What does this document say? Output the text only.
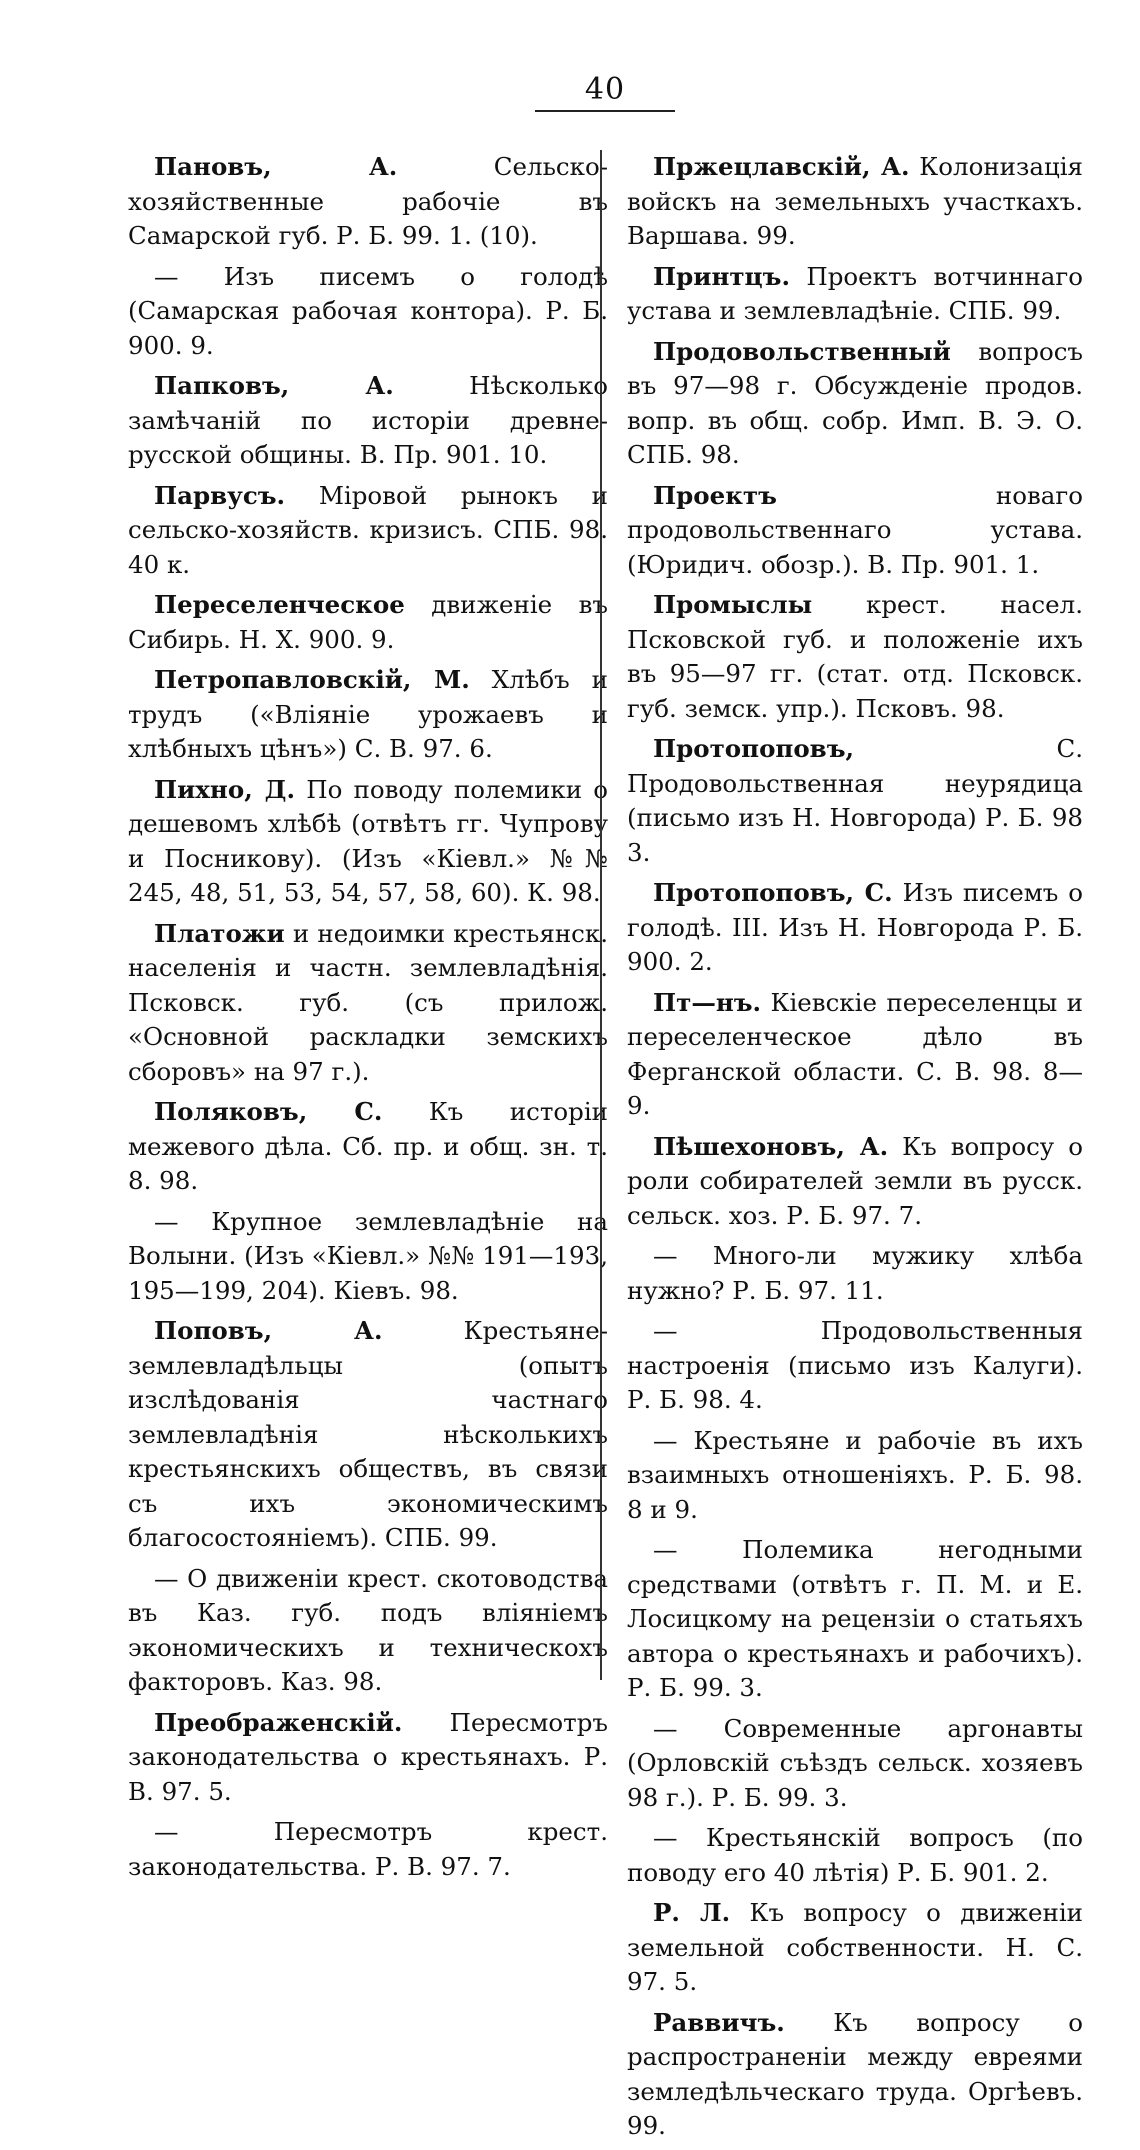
40

Пановъ, А. Сельско-хозяйственные рабочіе въ Самарской губ. Р. Б. 99. 1. (10).

— Изъ писемъ о голодѣ (Самарская рабочая контора). Р. Б. 900. 9.

Папковъ, А. Нѣсколько замѣчаній по исторіи древне-русской общины. В. Пр. 901. 10.

Парвусъ. Міровой рынокъ и сельско-хозяйств. кризисъ. СПБ. 98. 40 к.

Переселенческое движеніе въ Сибирь. Н. Х. 900. 9.

Петропавловскій, М. Хлѣбъ и трудъ («Вліяніе урожаевъ и хлѣбныхъ цѣнъ») С. В. 97. 6.

Пихно, Д. По поводу полемики о дешевомъ хлѣбѣ (отвѣтъ гг. Чупрову и Посникову). (Изъ «Кіевл.» №№ 245, 48, 51, 53, 54, 57, 58, 60). К. 98.

Платожи и недоимки крестьянск. населенія и частн. землевладѣнія. Псковск. губ. (съ прилож. «Основной раскладки земскихъ сборовъ» на 97 г.).

Поляковъ, С. Къ исторіи межевого дѣла. Сб. пр. и общ. зн. т. 8. 98.

— Крупное землевладѣніе на Волыни. (Изъ «Кіевл.» №№ 191—193, 195—199, 204). Кіевъ. 98.

Поповъ, А. Крестьяне-землевладѣльцы (опытъ изслѣдованія частнаго землевладѣнія нѣсколькихъ крестьянскихъ обществъ, въ связи съ ихъ экономическимъ благосостояніемъ). СПБ. 99.

— О движеніи крест. скотоводства въ Каз. губ. подъ вліяніемъ экономическихъ и техническохъ факторовъ. Каз. 98.

Преображенскій. Пересмотръ законодательства о крестьянахъ. Р. В. 97. 5.

— Пересмотръ крест. законодательства. Р. В. 97. 7.

Пржецлавскій, А. Колонизація войскъ на земельныхъ участкахъ. Варшава. 99.

Принтцъ. Проектъ вотчиннаго устава и землевладѣніе. СПБ. 99.

Продовольственный вопросъ въ 97—98 г. Обсужденіе продов. вопр. въ общ. собр. Имп. В. Э. О. СПБ. 98.

Проектъ новаго продовольственнаго устава. (Юридич. обозр.). В. Пр. 901. 1.

Промыслы крест. насел. Псковской губ. и положеніе ихъ въ 95—97 гг. (стат. отд. Псковск. губ. земск. упр.). Псковъ. 98.

Протопоповъ, С. Продовольственная неурядица (письмо изъ Н. Новгорода) Р. Б. 98 3.

Протопоповъ, С. Изъ писемъ о голодѣ. III. Изъ Н. Новгорода Р. Б. 900. 2.

Пт—нъ. Кіевскіе переселенцы и переселенческое дѣло въ Ферганской области. С. В. 98. 8—9.

Пѣшехоновъ, А. Къ вопросу о роли собирателей земли въ русск. сельск. хоз. Р. Б. 97. 7.

— Много-ли мужику хлѣба нужно? Р. Б. 97. 11.

— Продовольственныя настроенія (письмо изъ Калуги). Р. Б. 98. 4.

— Крестьяне и рабочіе въ ихъ взаимныхъ отношеніяхъ. Р. Б. 98. 8 и 9.

— Полемика негодными средствами (отвѣтъ г. П. М. и Е. Лосицкому на рецензіи о статьяхъ автора о крестьянахъ и рабочихъ). Р. Б. 99. 3.

— Современные аргонавты (Орловскій съѣздъ сельск. хозяевъ 98 г.). Р. Б. 99. 3.

— Крестьянскій вопросъ (по поводу его 40 лѣтія) Р. Б. 901. 2.

Р. Л. Къ вопросу о движеніи земельной собственности. Н. С. 97. 5.

Раввичъ. Къ вопросу о распространеніи между евреями земледѣльческаго труда. Оргѣевъ. 99.
